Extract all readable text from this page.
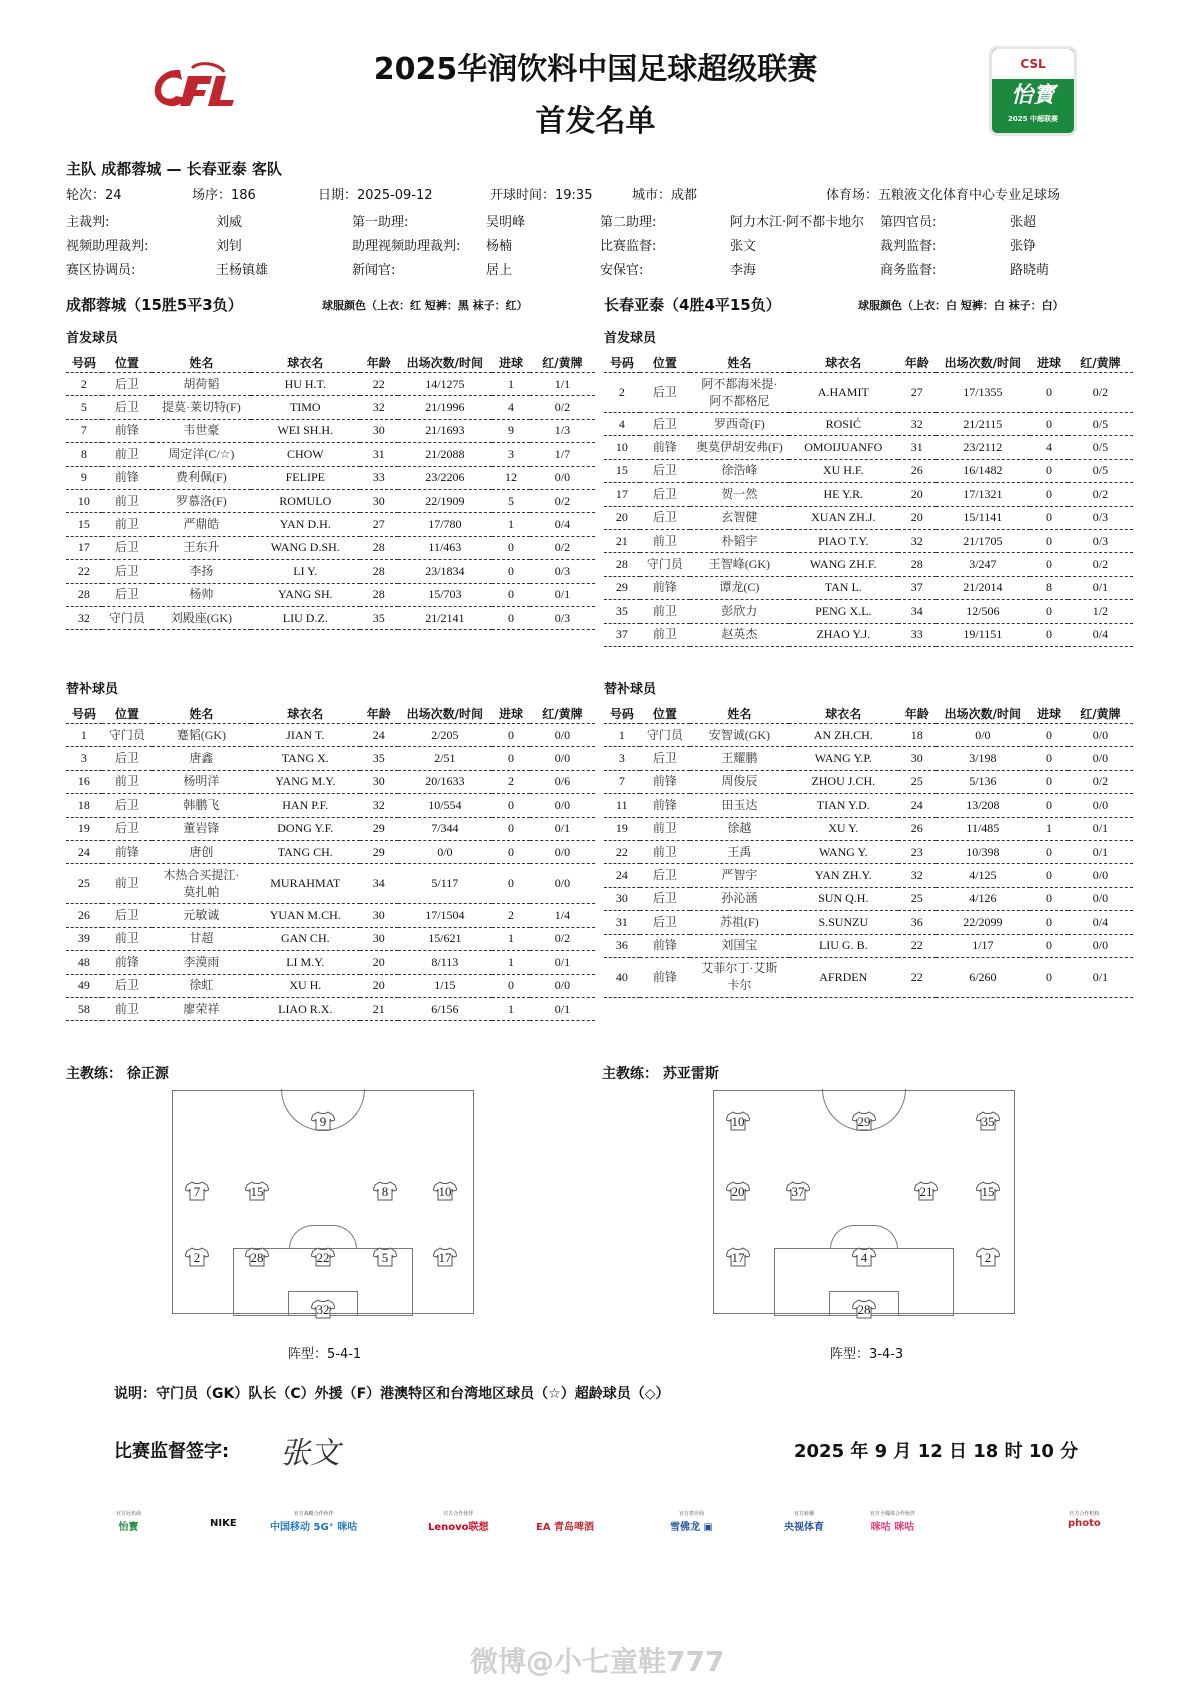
2025华润饮料中国足球超级联赛
首发名单
CSL
怡寳
2025 中超联赛
主队 成都蓉城 — 长春亚泰 客队
轮次：24	场序：186	日期：2025-09-12	开球时间：19:35	城市：成都	体育场：五粮液文化体育中心专业足球场
主裁判:	刘威	第一助理:	吴明峰	第二助理:	阿力木江·阿不都卡地尔 第四官员:	张超
视频助理裁判:	刘钊	助理视频助理裁判: 杨楠	比赛监督:	张文	裁判监督:	张铮
赛区协调员:	王杨镇雄	新闻官:	居上	安保官:	李海	商务监督:	路晓萌
成都蓉城（15胜5平3负）	球服颜色（上衣：红 短裤：黑 袜子：红）	长春亚泰（4胜4平15负）	球服颜色（上衣：白 短裤：白 袜子：白）
首发球员	首发球员
替补球员	替补球员
号码	位置	姓名	球衣名	年龄	出场次数/时间	进球	红/黄牌
2	后卫	胡荷韬	HU H.T.	22	14/1275	1	1/1
5	后卫	提莫·莱切特(F)	TIMO	32	21/1996	4	0/2
7	前锋	韦世豪	WEI SH.H.	30	21/1693	9	1/3
8	前卫	周定洋(C/☆)	CHOW	31	21/2088	3	1/7
9	前锋	费利佩(F)	FELIPE	33	23/2206	12	0/0
10	前卫	罗慕洛(F)	ROMULO	30	22/1909	5	0/2
15	前卫	严鼎皓	YAN D.H.	27	17/780	1	0/4
17	后卫	王东升	WANG D.SH.	28	11/463	0	0/2
22	后卫	李扬	LI Y.	28	23/1834	0	0/3
28	后卫	杨帅	YANG SH.	28	15/703	0	0/1
32	守门员	刘殿座(GK)	LIU D.Z.	35	21/2141	0	0/3
号码	位置	姓名	球衣名	年龄	出场次数/时间	进球	红/黄牌
2	后卫	阿不都海米提·阿不都格尼	A.HAMIT	27	17/1355	0	0/2
4	后卫	罗西奇(F)	ROSIĆ	32	21/2115	0	0/5
10	前锋	奥莫伊胡安弗(F)	OMOIJUANFO	31	23/2112	4	0/5
15	后卫	徐浩峰	XU H.F.	26	16/1482	0	0/5
17	后卫	贺一然	HE Y.R.	20	17/1321	0	0/2
20	后卫	玄智健	XUAN ZH.J.	20	15/1141	0	0/3
21	前卫	朴韬宇	PIAO T.Y.	32	21/1705	0	0/3
28	守门员	王智峰(GK)	WANG ZH.F.	28	3/247	0	0/2
29	前锋	谭龙(C)	TAN L.	37	21/2014	8	0/1
35	前卫	彭欣力	PENG X.L.	34	12/506	0	1/2
37	前卫	赵英杰	ZHAO Y.J.	33	19/1151	0	0/4
号码	位置	姓名	球衣名	年龄	出场次数/时间	进球	红/黄牌
1	守门员	蹇韬(GK)	JIAN T.	24	2/205	0	0/0
3	后卫	唐鑫	TANG X.	35	2/51	0	0/0
16	前卫	杨明洋	YANG M.Y.	30	20/1633	2	0/6
18	后卫	韩鹏飞	HAN P.F.	32	10/554	0	0/0
19	后卫	董岩锋	DONG Y.F.	29	7/344	0	0/1
24	前锋	唐创	TANG CH.	29	0/0	0	0/0
25	前卫	木热合买提江·莫扎帕	MURAHMAT	34	5/117	0	0/0
26	后卫	元敏诚	YUAN M.CH.	30	17/1504	2	1/4
39	前卫	甘超	GAN CH.	30	15/621	1	0/2
48	前锋	李漠雨	LI M.Y.	20	8/113	1	0/1
49	后卫	徐虹	XU H.	20	1/15	0	0/0
58	前卫	廖荣祥	LIAO R.X.	21	6/156	1	0/1
号码	位置	姓名	球衣名	年龄	出场次数/时间	进球	红/黄牌
1	守门员	安智诚(GK)	AN ZH.CH.	18	0/0	0	0/0
3	后卫	王耀鹏	WANG Y.P.	30	3/198	0	0/0
7	前锋	周俊辰	ZHOU J.CH.	25	5/136	0	0/2
11	前锋	田玉达	TIAN Y.D.	24	13/208	0	0/0
19	前卫	徐越	XU Y.	26	11/485	1	0/1
22	前卫	王禹	WANG Y.	23	10/398	0	0/1
24	后卫	严智宇	YAN ZH.Y.	32	4/125	0	0/0
30	后卫	孙沁涵	SUN Q.H.	25	4/126	0	0/0
31	后卫	苏祖(F)	S.SUNZU	36	22/2099	0	0/4
36	前锋	刘国宝	LIU G. B.	22	1/17	0	0/0
40	前锋	艾菲尔丁·艾斯卡尔	AFRDEN	22	6/260	0	0/1
主教练： 徐正源	主教练： 苏亚雷斯
9
7	15	8	10
2	28	22	5	17
32
10	29	35
20	37	21	15
17	4	2
28
阵型：5-4-1	阵型：3-4-3
说明：守门员（GK）队长（C）外援（F）港澳特区和台湾地区球员（☆）超龄球员（◇）
比赛监督签字: 张文	2025 年 9 月 12 日 18 时 10 分
官方冠名商
怡寳	NIKE
官方战略合作伙伴
中国移动 5G⁺ 咪咕
官方合作伙伴
Lenovo联想	EA 青岛啤酒
官方供应商
雪佛龙 ▣
官方转播
央视体育
官方全媒体合作伙伴
咪咕 咪咕
官方合作机构
photo
微博@小七童鞋777
